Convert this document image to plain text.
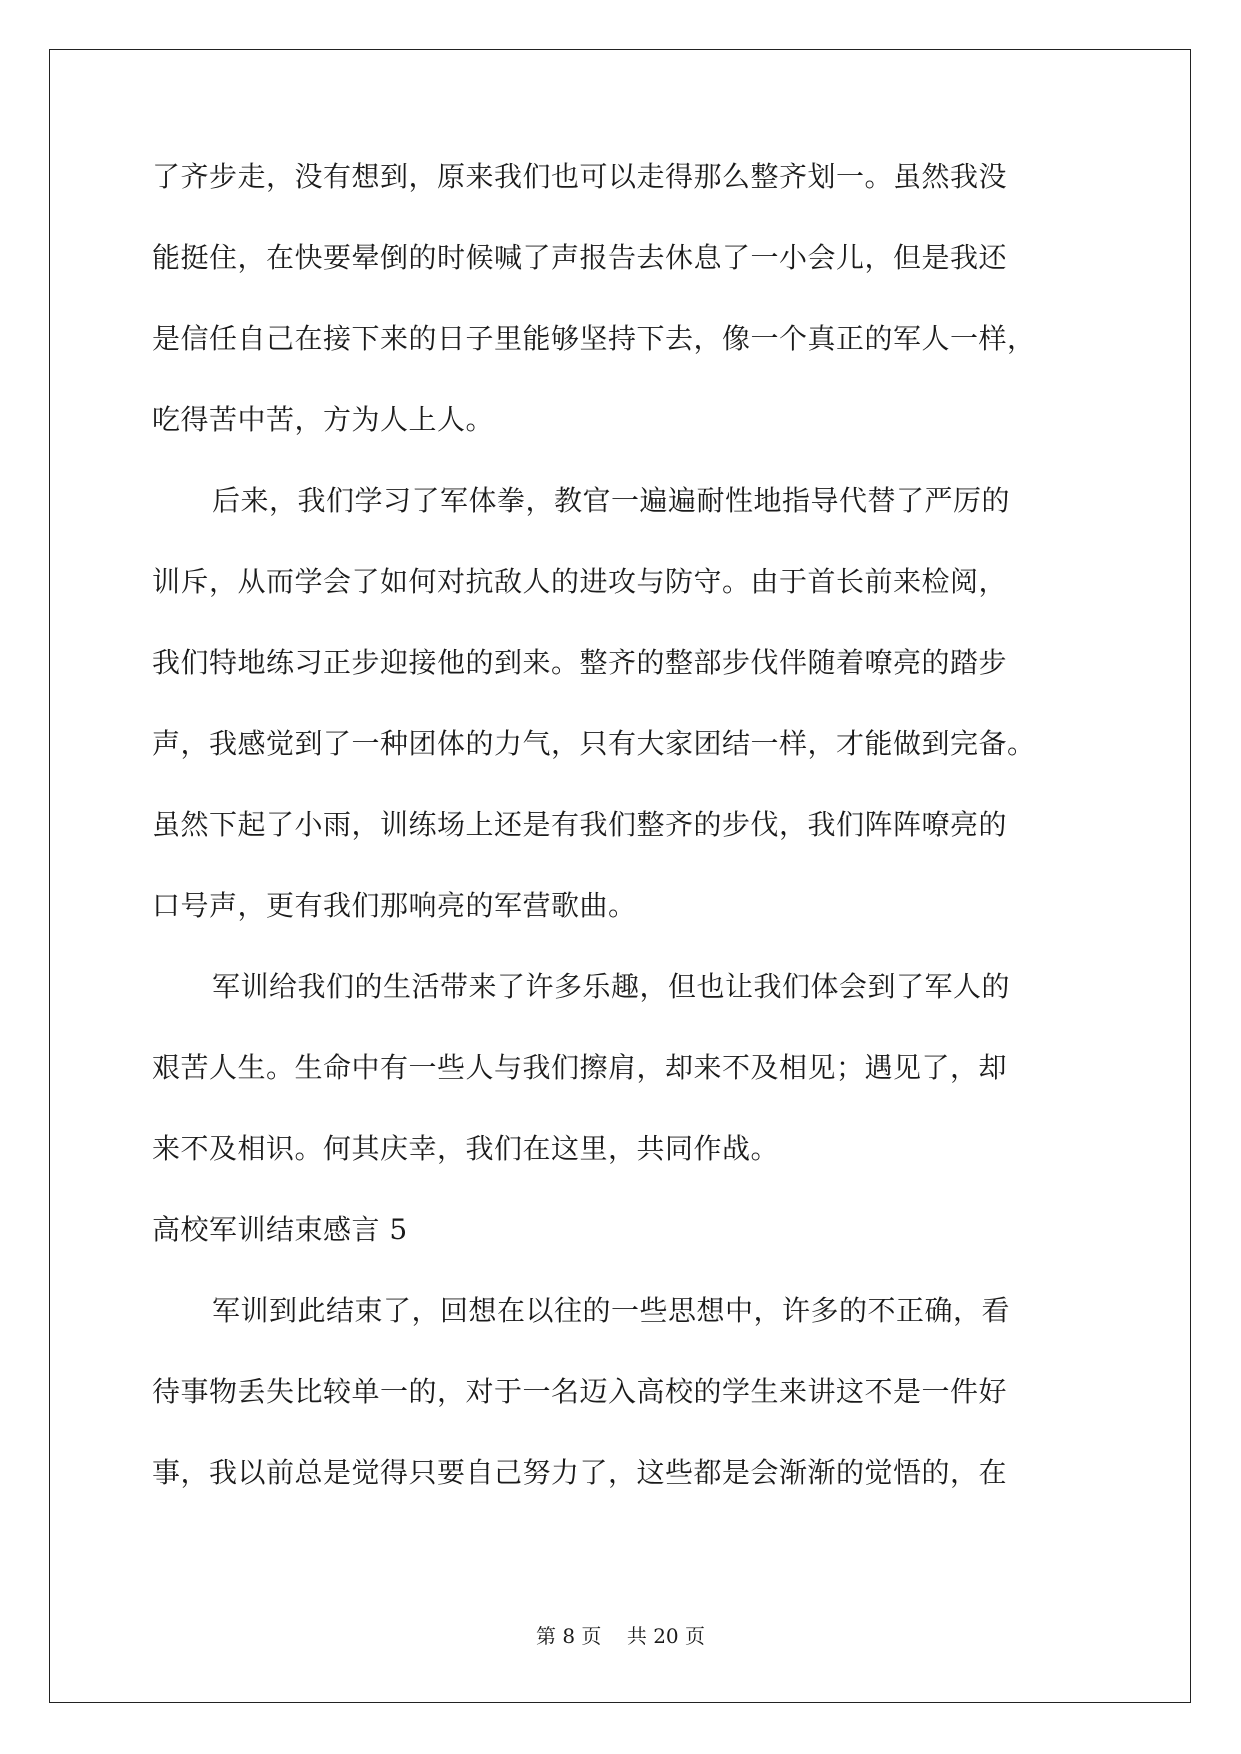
了齐步走，没有想到，原来我们也可以走得那么整齐划一。虽然我没
能挺住，在快要晕倒的时候喊了声报告去休息了一小会儿，但是我还
是信任自己在接下来的日子里能够坚持下去，像一个真正的军人一样，
吃得苦中苦，方为人上人。
后来，我们学习了军体拳，教官一遍遍耐性地指导代替了严厉的
训斥，从而学会了如何对抗敌人的进攻与防守。由于首长前来检阅，
我们特地练习正步迎接他的到来。整齐的整部步伐伴随着嘹亮的踏步
声，我感觉到了一种团体的力气，只有大家团结一样，才能做到完备。
虽然下起了小雨，训练场上还是有我们整齐的步伐，我们阵阵嘹亮的
口号声，更有我们那响亮的军营歌曲。
军训给我们的生活带来了许多乐趣，但也让我们体会到了军人的
艰苦人生。生命中有一些人与我们擦肩，却来不及相见；遇见了，却
来不及相识。何其庆幸，我们在这里，共同作战。
高校军训结束感言 5
军训到此结束了，回想在以往的一些思想中，许多的不正确，看
待事物丢失比较单一的，对于一名迈入高校的学生来讲这不是一件好
事，我以前总是觉得只要自己努力了，这些都是会渐渐的觉悟的，在
第 8 页    共 20 页
